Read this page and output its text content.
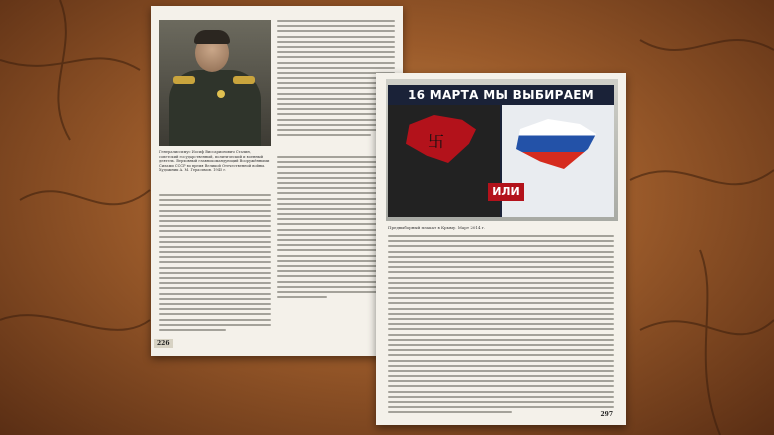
Генералиссимус Иосиф Виссарионович Сталин, советский государственный, политический и военный деятель. Верховный главнокомандующий Вооружёнными Силами СССР во время Великой Отечественной войны. Художник А. М. Герасимов. 1945 г.
226
16 МАРТА МЫ ВЫБИРАЕМ
卐
ИЛИ
Предвыборный плакат в Крыму. Март 2014 г.
297
